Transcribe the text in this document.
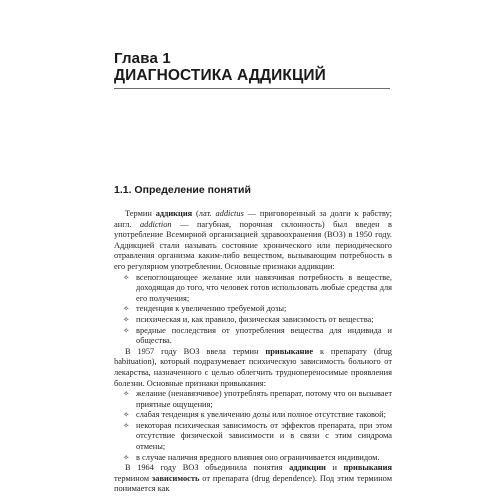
Глава 1
ДИАГНОСТИКА АДДИКЦИЙ
1.1. Определение понятий

Термин аддикция (лат. addictus — приговоренный за долги к рабству; англ. addiction — пагубная, порочная склонность) был введен в употребление Всемирной организацией здравоохранения (ВОЗ) в 1950 году. Аддикцией стали называть состояние хронического или периодического отравления организма каким-либо веществом, вызывающим потребность в его регулярном употреблении. Основные признаки аддикции:

✧ всепоглощающее желание или навязчивая потребность в веществе, доходящая до того, что человек готов использовать любые средства для его получения;
✧ тенденция к увеличению требуемой дозы;
✧ психическая и, как правило, физическая зависимость от вещества;
✧ вредные последствия от употребления вещества для индивида и общества.

В 1957 году ВОЗ ввела термин привыкание к препарату (drug habituation), который подразумевает психическую зависимость больного от лекарства, назначенного с целью облегчить труднопереносимые проявления болезни. Основные признаки привыкания:

✧ желание (ненавязчивое) употреблять препарат, потому что он вызывает приятные ощущения;
✧ слабая тенденция к увеличению дозы или полное отсутствие таковой;
✧ некоторая психическая зависимость от эффектов препарата, при этом отсутствие физической зависимости и в связи с этим синдрома отмены;
✧ в случае наличия вредного влияния оно ограничивается индивидом.

В 1964 году ВОЗ объединила понятия аддикции и привыкания термином зависимость от препарата (drug dependence). Под этим термином понимается как
